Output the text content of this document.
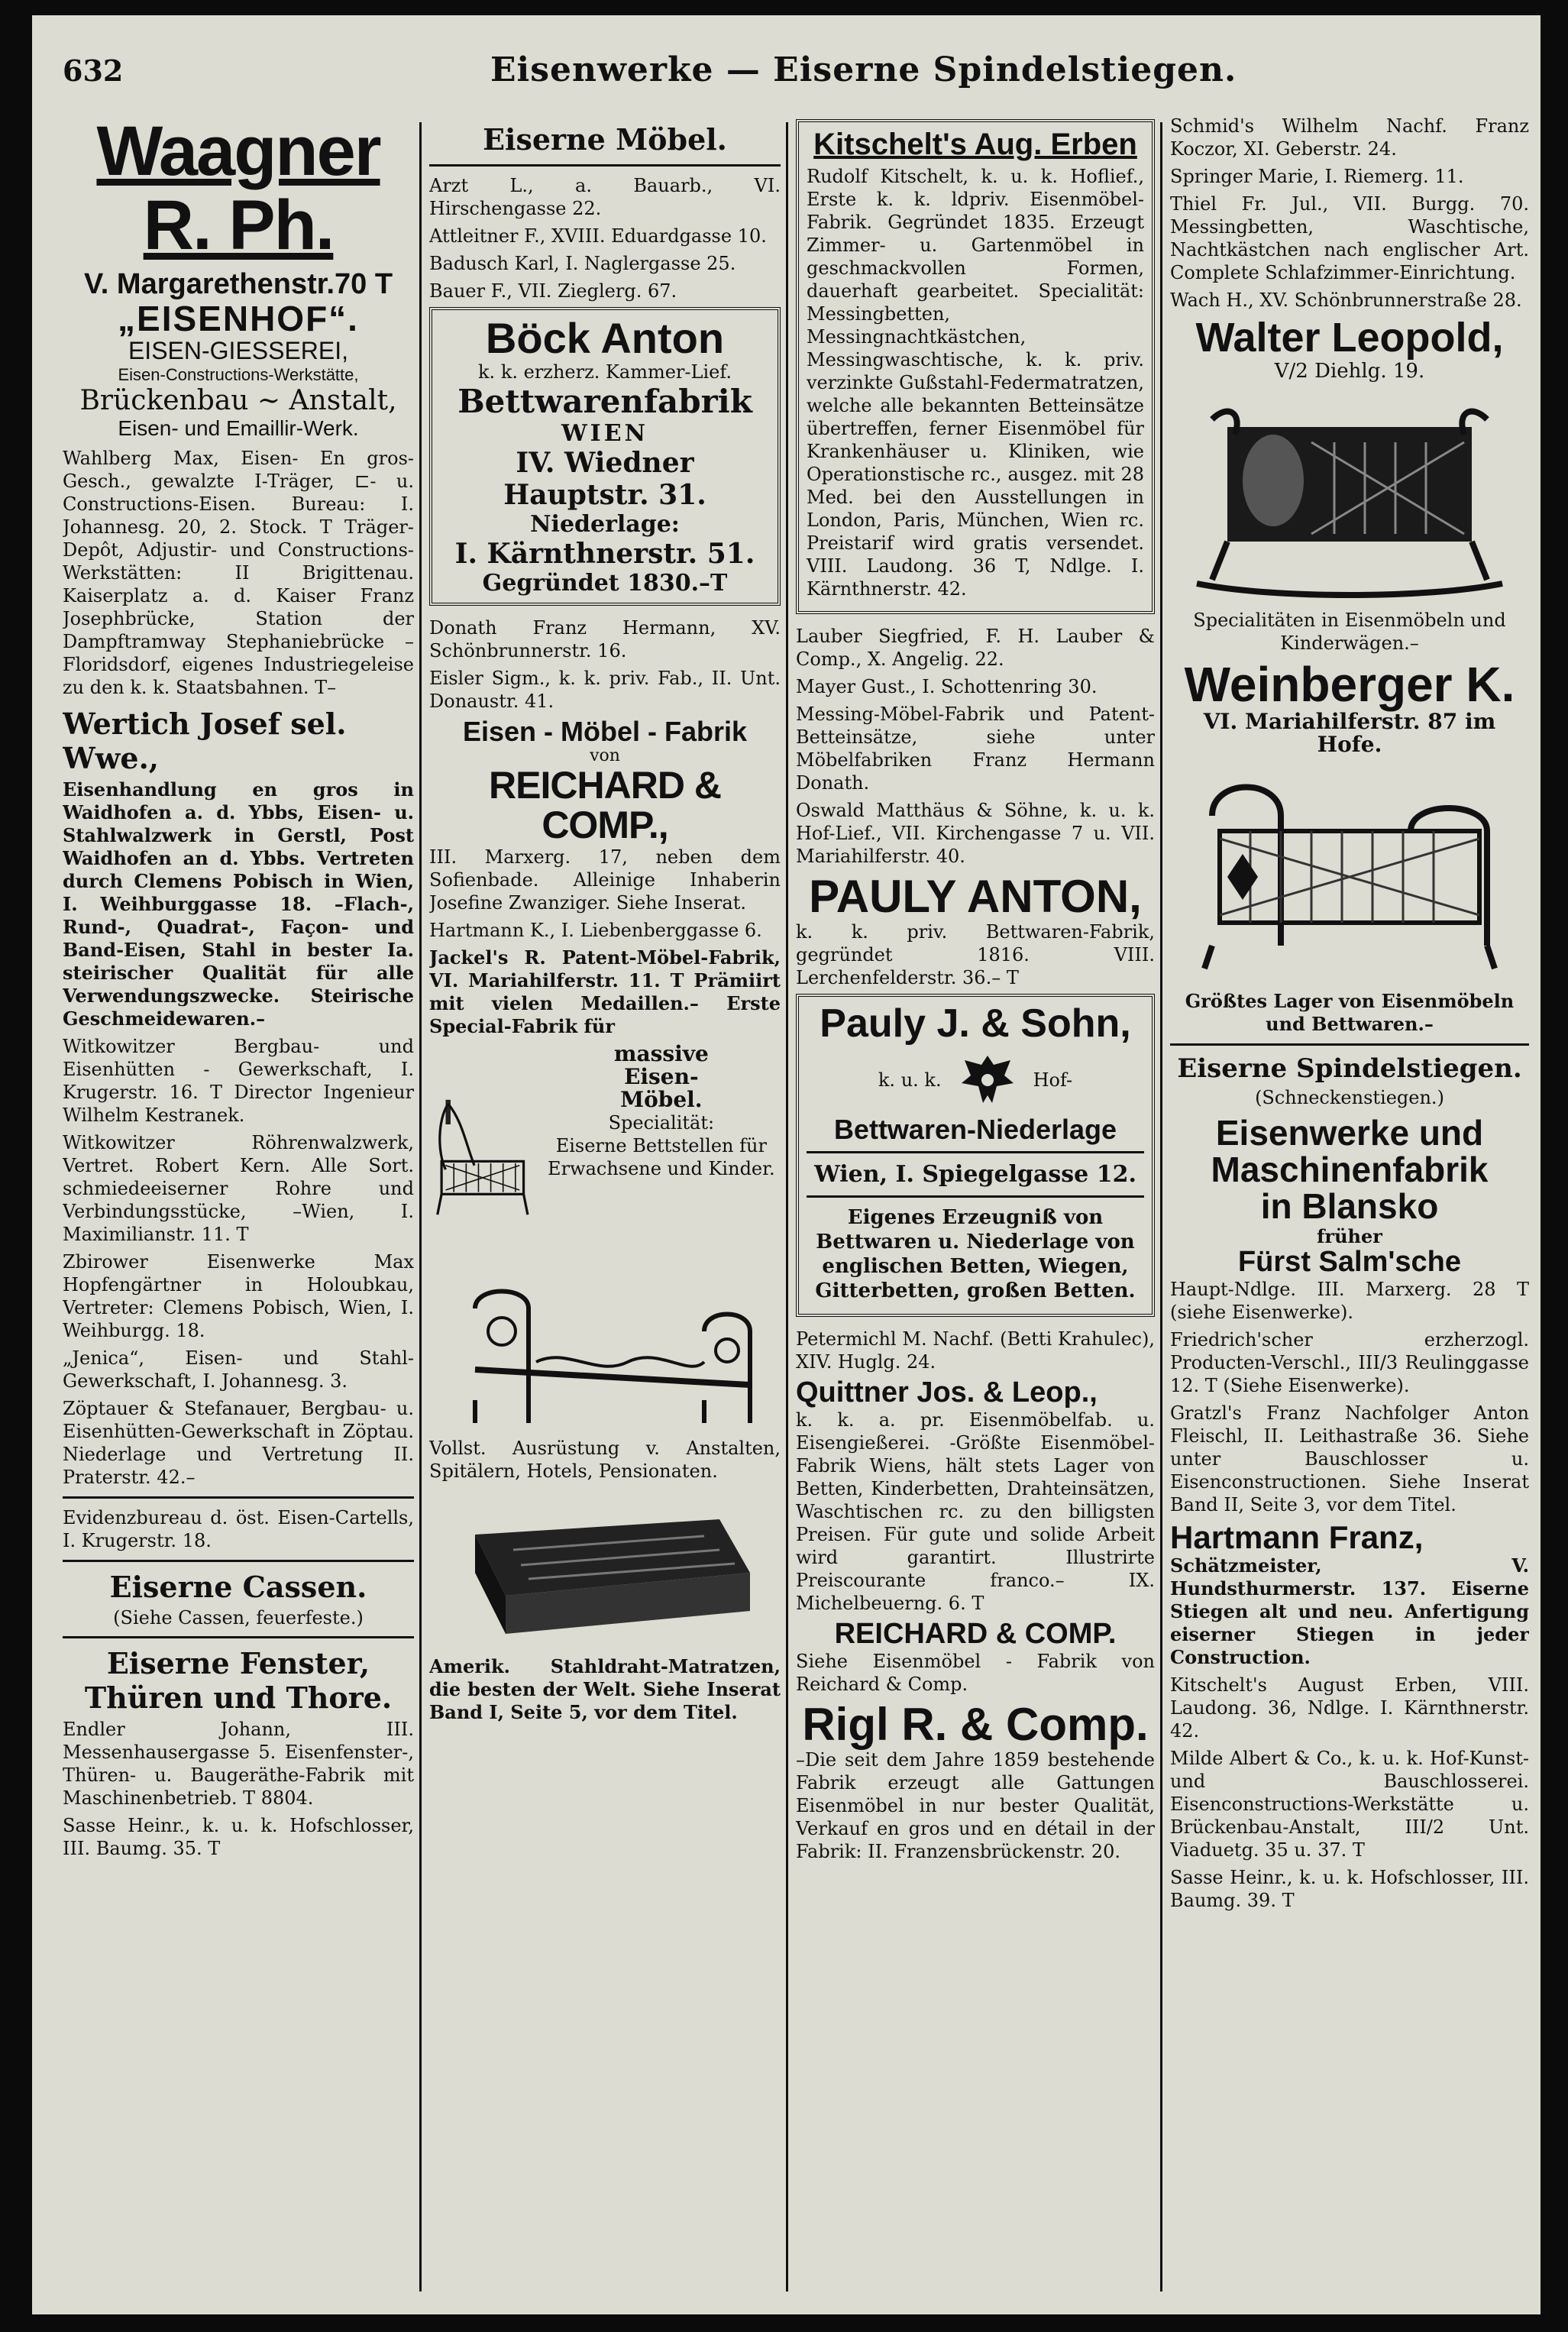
632	Eisenwerke — Eiserne Spindelstiegen.
Waagner R. Ph.
V. Margarethenstr.70 T
„EISENHOF“.
EISEN-GIESSEREI,
Eisen-Constructions-Werkstätte,
Brückenbau ~ Anstalt,
Eisen- und Emaillir-Werk.

Wahlberg Max, Eisen- En gros-Gesch., gewalzte I-Träger, ⊏- u. Constructions-Eisen. Bureau: I. Johannesg. 20, 2. Stock. T Träger-Depôt, Adjustir- und Constructions-Werkstätten: II Brigittenau. Kaiserplatz a. d. Kaiser Franz Josephbrücke, Station der Dampftramway Stephaniebrücke – Floridsdorf, eigenes Industriegeleise zu den k. k. Staatsbahnen. T–

Wertich Josef sel. Wwe.,

Eisenhandlung en gros in Waidhofen a. d. Ybbs, Eisen- u. Stahlwalzwerk in Gerstl, Post Waidhofen an d. Ybbs. Vertreten durch Clemens Pobisch in Wien, I. Weihburggasse 18. –Flach-, Rund-, Quadrat-, Façon- und Band-Eisen, Stahl in bester Ia. steirischer Qualität für alle Verwendungszwecke. Steirische Geschmeidewaren.–

Witkowitzer Bergbau- und Eisenhütten - Gewerkschaft, I. Krugerstr. 16. T Director Ingenieur Wilhelm Kestranek.

Witkowitzer Röhrenwalzwerk, Vertret. Robert Kern. Alle Sort. schmiedeeiserner Rohre und Verbindungsstücke, –Wien, I. Maximilianstr. 11. T

Zbirower Eisenwerke Max Hopfengärtner in Holoubkau, Vertreter: Clemens Pobisch, Wien, I. Weihburgg. 18.

„Jenica“, Eisen- und Stahl-Gewerkschaft, I. Johannesg. 3.

Zöptauer & Stefanauer, Bergbau- u. Eisenhütten-Gewerkschaft in Zöptau. Niederlage und Vertretung II. Praterstr. 42.–

Evidenzbureau d. öst. Eisen-Cartells, I. Krugerstr. 18.

Eiserne Cassen.
(Siehe Cassen, feuerfeste.)
Eiserne Fenster, Thüren und Thore.

Endler Johann, III. Messenhausergasse 5. Eisenfenster-, Thüren- u. Baugeräthe-Fabrik mit Maschinenbetrieb. T 8804.

Sasse Heinr., k. u. k. Hofschlosser, III. Baumg. 35. T

Eiserne Möbel.

Arzt L., a. Bauarb., VI. Hirschengasse 22.

Attleitner F., XVIII. Eduardgasse 10.

Badusch Karl, I. Naglergasse 25.

Bauer F., VII. Zieglerg. 67.

Böck Anton
k. k. erzherz. Kammer-Lief.
Bettwarenfabrik
WIEN
IV. Wiedner Hauptstr. 31.
Niederlage:
I. Kärnthnerstr. 51.
Gegründet 1830.–T

Donath Franz Hermann, XV. Schönbrunnerstr. 16.

Eisler Sigm., k. k. priv. Fab., II. Unt. Donaustr. 41.

Eisen - Möbel - Fabrik
von
REICHARD & COMP.,

III. Marxerg. 17, neben dem Sofienbade. Alleinige Inhaberin Josefine Zwanziger. Siehe Inserat.

Hartmann K., I. Liebenberggasse 6.

Jackel's R. Patent-Möbel-Fabrik, VI. Mariahilferstr. 11. T Prämiirt mit vielen Medaillen.– Erste Special-Fabrik für

massive
Eisen-
Möbel.
Specialität:
Eiserne Bettstellen für Erwachsene und Kinder.

Vollst. Ausrüstung v. Anstalten, Spitälern, Hotels, Pensionaten.

Amerik. Stahldraht-Matratzen, die besten der Welt. Siehe Inserat Band I, Seite 5, vor dem Titel.

Kitschelt's Aug. Erben

Rudolf Kitschelt, k. u. k. Hoflief., Erste k. k. ldpriv. Eisenmöbel-Fabrik. Gegründet 1835. Erzeugt Zimmer- u. Gartenmöbel in geschmackvollen Formen, dauerhaft gearbeitet. Specialität: Messingbetten, Messingnachtkästchen, Messingwaschtische, k. k. priv. verzinkte Gußstahl-Federmatratzen, welche alle bekannten Betteinsätze übertreffen, ferner Eisenmöbel für Krankenhäuser u. Kliniken, wie Operationstische rc., ausgez. mit 28 Med. bei den Ausstellungen in London, Paris, München, Wien rc. Preistarif wird gratis versendet. VIII. Laudong. 36 T, Ndlge. I. Kärnthnerstr. 42.

Lauber Siegfried, F. H. Lauber & Comp., X. Angelig. 22.

Mayer Gust., I. Schottenring 30.

Messing-Möbel-Fabrik und Patent-Betteinsätze, siehe unter Möbelfabriken Franz Hermann Donath.

Oswald Matthäus & Söhne, k. u. k. Hof-Lief., VII. Kirchengasse 7 u. VII. Mariahilferstr. 40.

PAULY ANTON,

k. k. priv. Bettwaren-Fabrik, gegründet 1816. VIII. Lerchenfelderstr. 36.– T

Pauly J. & Sohn,
k. u. k.	Hof-
Bettwaren-Niederlage
Wien, I. Spiegelgasse 12.

Eigenes Erzeugniß von Bettwaren u. Niederlage von englischen Betten, Wiegen, Gitterbetten, großen Betten.

Petermichl M. Nachf. (Betti Krahulec), XIV. Huglg. 24.

Quittner Jos. & Leop.,

k. k. a. pr. Eisenmöbelfab. u. Eisengießerei. -Größte Eisenmöbel-Fabrik Wiens, hält stets Lager von Betten, Kinderbetten, Drahteinsätzen, Waschtischen rc. zu den billigsten Preisen. Für gute und solide Arbeit wird garantirt. Illustrirte Preiscourante franco.– IX. Michelbeuerng. 6. T

REICHARD & COMP.

Siehe Eisenmöbel - Fabrik von Reichard & Comp.

Rigl R. & Comp.

–Die seit dem Jahre 1859 bestehende Fabrik erzeugt alle Gattungen Eisenmöbel in nur bester Qualität, Verkauf en gros und en détail in der Fabrik: II. Franzensbrückenstr. 20.

Schmid's Wilhelm Nachf. Franz Koczor, XI. Geberstr. 24.

Springer Marie, I. Riemerg. 11.

Thiel Fr. Jul., VII. Burgg. 70. Messingbetten, Waschtische, Nachtkästchen nach englischer Art. Complete Schlafzimmer-Einrichtung.

Wach H., XV. Schönbrunnerstraße 28.

Walter Leopold,
V/2 Diehlg. 19.

Specialitäten in Eisenmöbeln und Kinderwägen.–

Weinberger K.

VI. Mariahilferstr. 87 im Hofe.

Größtes Lager von Eisenmöbeln und Bettwaren.–

Eiserne Spindelstiegen.
(Schneckenstiegen.)
Eisenwerke und
Maschinenfabrik
in Blansko
früher
Fürst Salm'sche

Haupt-Ndlge. III. Marxerg. 28 T (siehe Eisenwerke).

Friedrich'scher erzherzogl. Producten-Verschl., III/3 Reulinggasse 12. T (Siehe Eisenwerke).

Gratzl's Franz Nachfolger Anton Fleischl, II. Leithastraße 36. Siehe unter Bauschlosser u. Eisenconstructionen. Siehe Inserat Band II, Seite 3, vor dem Titel.

Hartmann Franz,

Schätzmeister, V. Hundsthurmerstr. 137. Eiserne Stiegen alt und neu. Anfertigung eiserner Stiegen in jeder Construction.

Kitschelt's August Erben, VIII. Laudong. 36, Ndlge. I. Kärnthnerstr. 42.

Milde Albert & Co., k. u. k. Hof-Kunst- und Bauschlosserei. Eisenconstructions-Werkstätte u. Brückenbau-Anstalt, III/2 Unt. Viaduetg. 35 u. 37. T

Sasse Heinr., k. u. k. Hofschlosser, III. Baumg. 39. T
